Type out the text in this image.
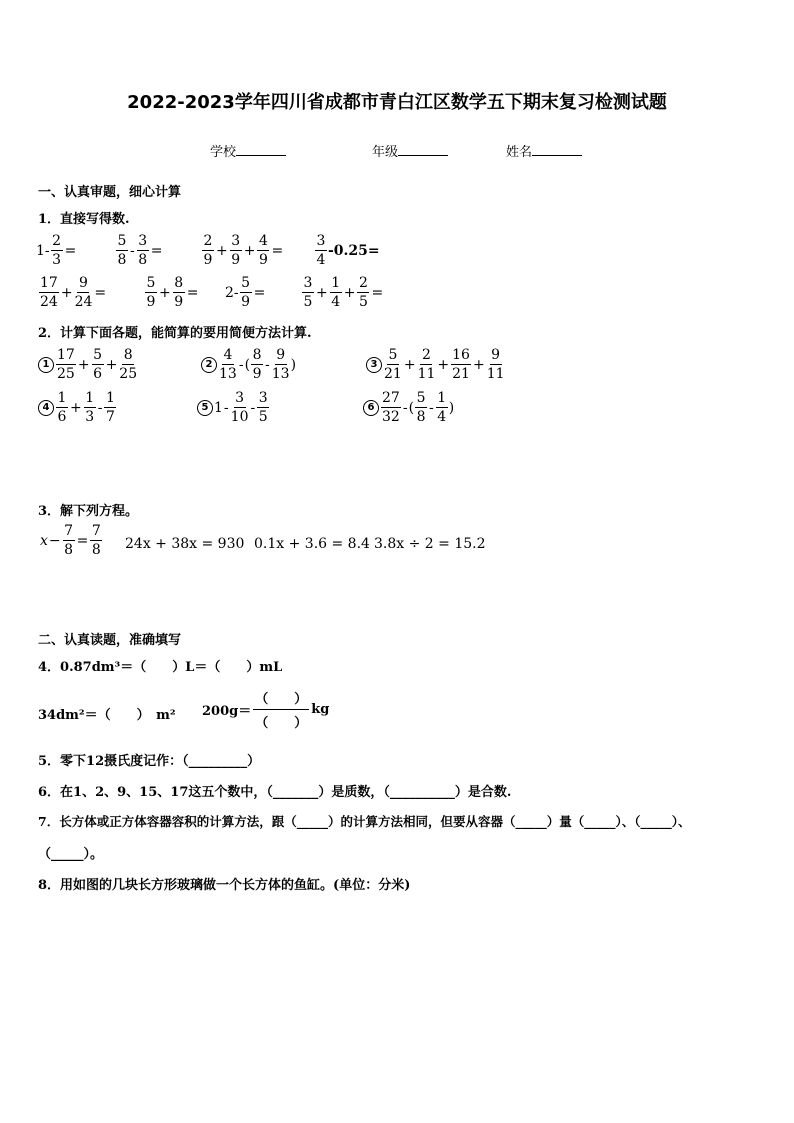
2022-2023学年四川省成都市青白江区数学五下期末复习检测试题
学校	年级	姓名
一、认真审题，细心计算
1．直接写得数.
$1- \frac{2}{3}$ =	$\frac{5}{8} - \frac{3}{8}$ =	$\frac{2}{9} + \frac{3}{9} + \frac{4}{9} = \frac{3}{4} -0.25=$
$\frac{17}{24} + \frac{9}{24}$ =	$\frac{5}{9} + \frac{8}{9} = 2- \frac{5}{9}$ =	$\frac{3}{5} + \frac{1}{4} + \frac{2}{5}$ =
2．计算下面各题，能简算的要用简便方法计算.
$1 \frac{17}{25} + \frac{5}{6} + \frac{8}{25}$	$2 \frac{4}{13}$ - ( $\frac{8}{9} - \frac{9}{13}$ )	$3 \frac{5}{21} + \frac{2}{11} + \frac{16}{21} + \frac{9}{11}$
$4 \frac{1}{6} + \frac{1}{3} - \frac{1}{7}$	5 $1 - \frac{3}{10} - \frac{3}{5}$	$6 \frac{27}{32}$ - ( $\frac{5}{8} - \frac{1}{4}$ )
3．解下列方程。
$x - \frac{7}{8} = \frac{7}{8} 24x + 38x = 930$ 0.1x + 3.6 = 8.4 3.8x ÷ 2 = 15.2
二、认真读题，准确填写
4．0.87dm³＝（　　）L＝（　　）mL
34dm²＝（　　）　m² $200g= \frac{( )}{( )}$ kg
5．零下12摄氏度记作：（_________）
6．在1、2、9、15、17这五个数中，（_______）是质数，（__________）是合数.
7．长方体或正方体容器容积的计算方法，跟（_____）的计算方法相同，但要从容器（_____）量（_____）、（_____）、
（_____）。
8．用如图的几块长方形玻璃做一个长方体的鱼缸。(单位：分米)
